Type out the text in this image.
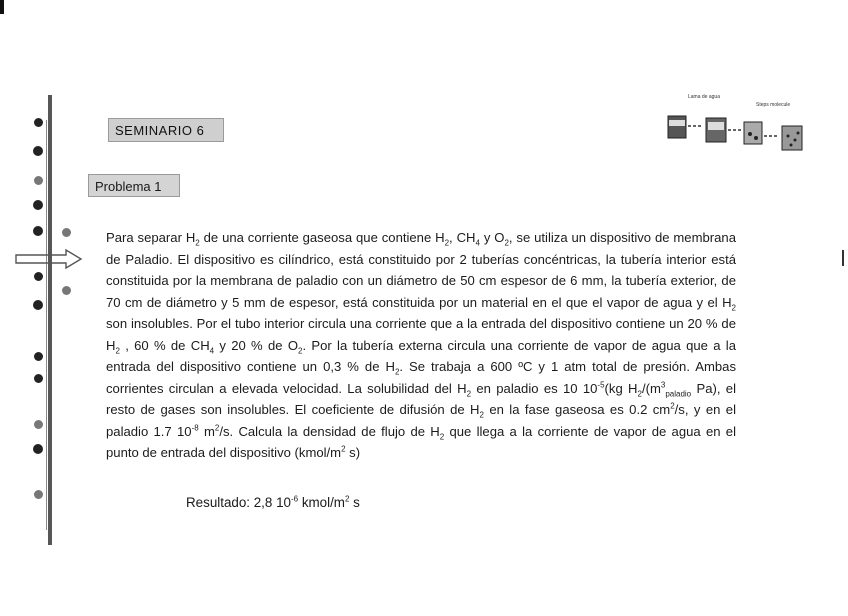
SEMINARIO 6
Problema 1
Lama de agua
Steps molecule

Para separar $H_2$ de una corriente gaseosa que contiene $H_2$, $CH_4$ y $O_2$, se utiliza un dispositivo de membrana de Paladio. El dispositivo es cilíndrico, está constituido por 2 tuberías concéntricas, la tubería interior está constituida por la membrana de paladio con un diámetro de 50 cm espesor de 6 mm, la tubería exterior, de 70 cm de diámetro y 5 mm de espesor, está constituida por un material en el que el vapor de agua y el $H_2$ son insolubles. Por el tubo interior circula una corriente que a la entrada del dispositivo contiene un 20 % de $H_2$ , 60 % de $CH_4$ y 20 % de $O_2$. Por la tubería externa circula una corriente de vapor de agua que a la entrada del dispositivo contiene un 0,3 % de $H_2$. Se trabaja a 600 ºC y 1 atm total de presión. Ambas corrientes circulan a elevada velocidad. La solubilidad del $H_2$ en paladio es 10 $10^{-5}(kg$ $H_2/(m^3_{paladio}$ Pa), el resto de gases son insolubles. El coeficiente de difusión de $H_2$ en la fase gaseosa es 0.2 $cm^2/s$, y en el paladio 1.7 $10^{-8}$ $m^2/s$. Calcula la densidad de flujo de $H_2$ que llega a la corriente de vapor de agua en el punto de entrada del dispositivo ($kmol/m^2$ s)

Resultado: 2,8 $10^{-6}$ kmol/$m^2$ s
